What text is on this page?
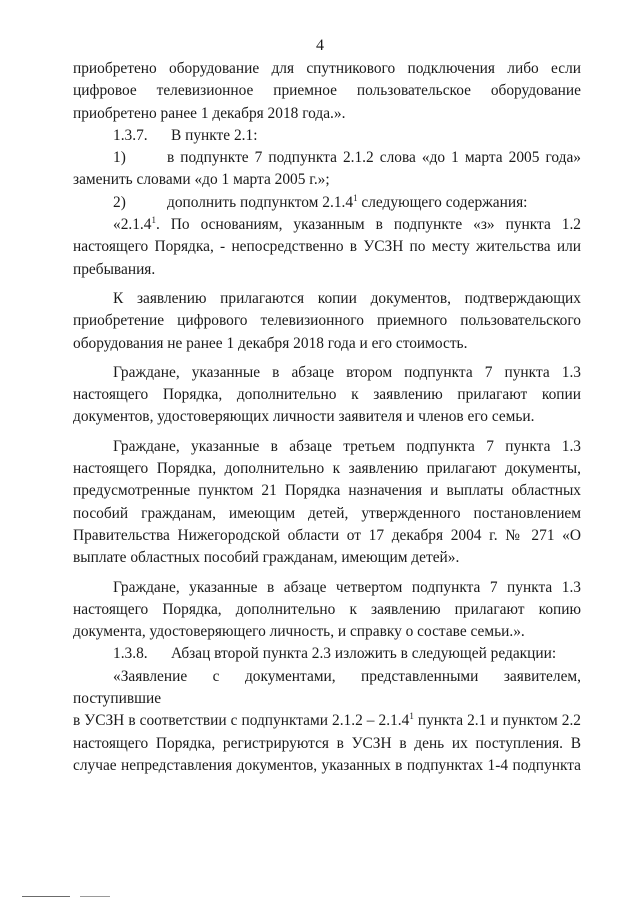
4

приобретено оборудование для спутникового подключения либо если

цифровое телевизионное приемное пользовательское оборудование

приобретено ранее 1 декабря 2018 года.».

1.3.7.	В пункте 2.1:
1)	в подпункте 7 подпункта 2.1.2 слова «до 1 марта 2005 года»

заменить словами «до 1 марта 2005 г.»;

2)	дополнить подпунктом 2.1.4$^1$ следующего содержания:

«2.1.4$^1$. По основаниям, указанным в подпункте «з» пункта 1.2

настоящего Порядка, - непосредственно в УСЗН по месту жительства или

пребывания.

К заявлению прилагаются копии документов, подтверждающих

приобретение цифрового телевизионного приемного пользовательского

оборудования не ранее 1 декабря 2018 года и его стоимость.

Граждане, указанные в абзаце втором подпункта 7 пункта 1.3

настоящего Порядка, дополнительно к заявлению прилагают копии

документов, удостоверяющих личности заявителя и членов его семьи.

Граждане, указанные в абзаце третьем подпункта 7 пункта 1.3

настоящего Порядка, дополнительно к заявлению прилагают документы,

предусмотренные пунктом 21 Порядка назначения и выплаты областных

пособий гражданам, имеющим детей, утвержденного постановлением

Правительства Нижегородской области от 17 декабря 2004 г. № 271 «О

выплате областных пособий гражданам, имеющим детей».

Граждане, указанные в абзаце четвертом подпункта 7 пункта 1.3

настоящего Порядка, дополнительно к заявлению прилагают копию

документа, удостоверяющего личность, и справку о составе семьи.».

1.3.8.	Абзац второй пункта 2.3 изложить в следующей редакции:

«Заявление с документами, представленными заявителем, поступившие

в УСЗН в соответствии с подпунктами 2.1.2 – 2.1.4$^1$ пункта 2.1 и пунктом 2.2

настоящего Порядка, регистрируются в УСЗН в день их поступления. В

случае непредставления документов, указанных в подпунктах 1-4 подпункта
